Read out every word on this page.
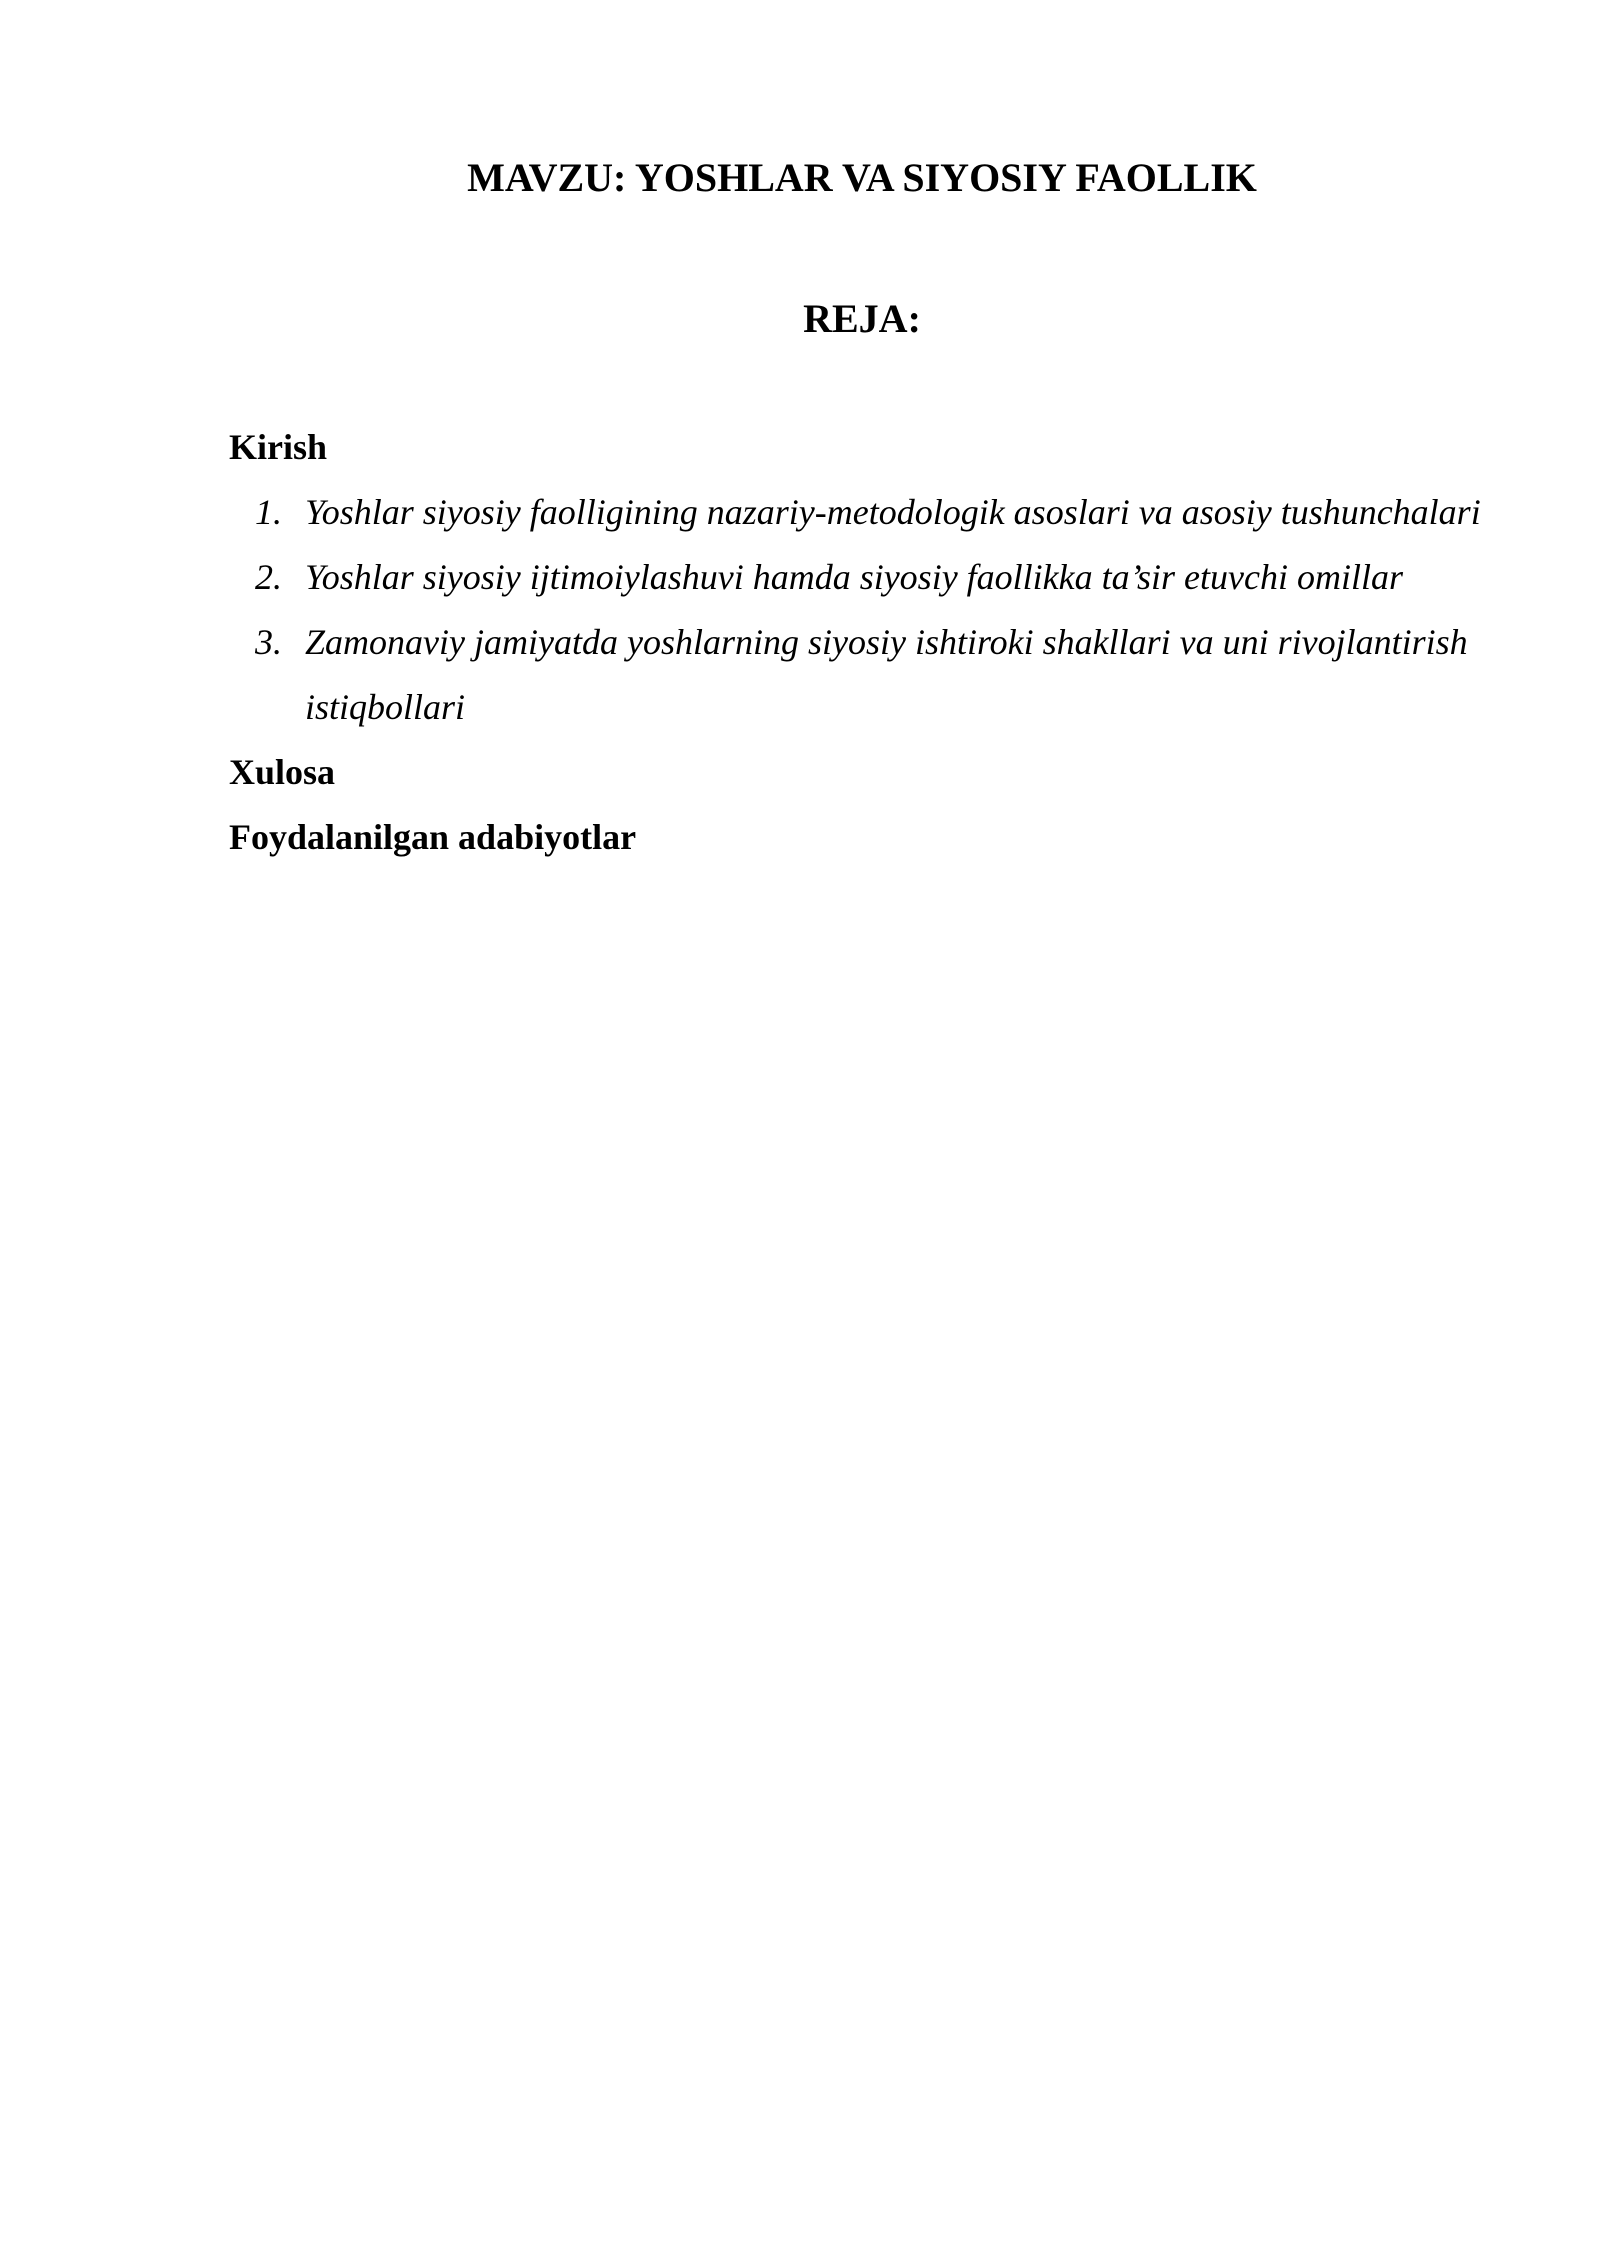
MAVZU: YOSHLAR VA SIYOSIY FAOLLIK
REJA:
Kirish
1. Yoshlar siyosiy faolligining nazariy-metodologik asoslari va asosiy tushunchalari
2. Yoshlar siyosiy ijtimoiylashuvi hamda siyosiy faollikka ta’sir etuvchi omillar
3. Zamonaviy jamiyatda yoshlarning siyosiy ishtiroki shakllari va uni rivojlantirish istiqbollari
Xulosa
Foydalanilgan adabiyotlar
